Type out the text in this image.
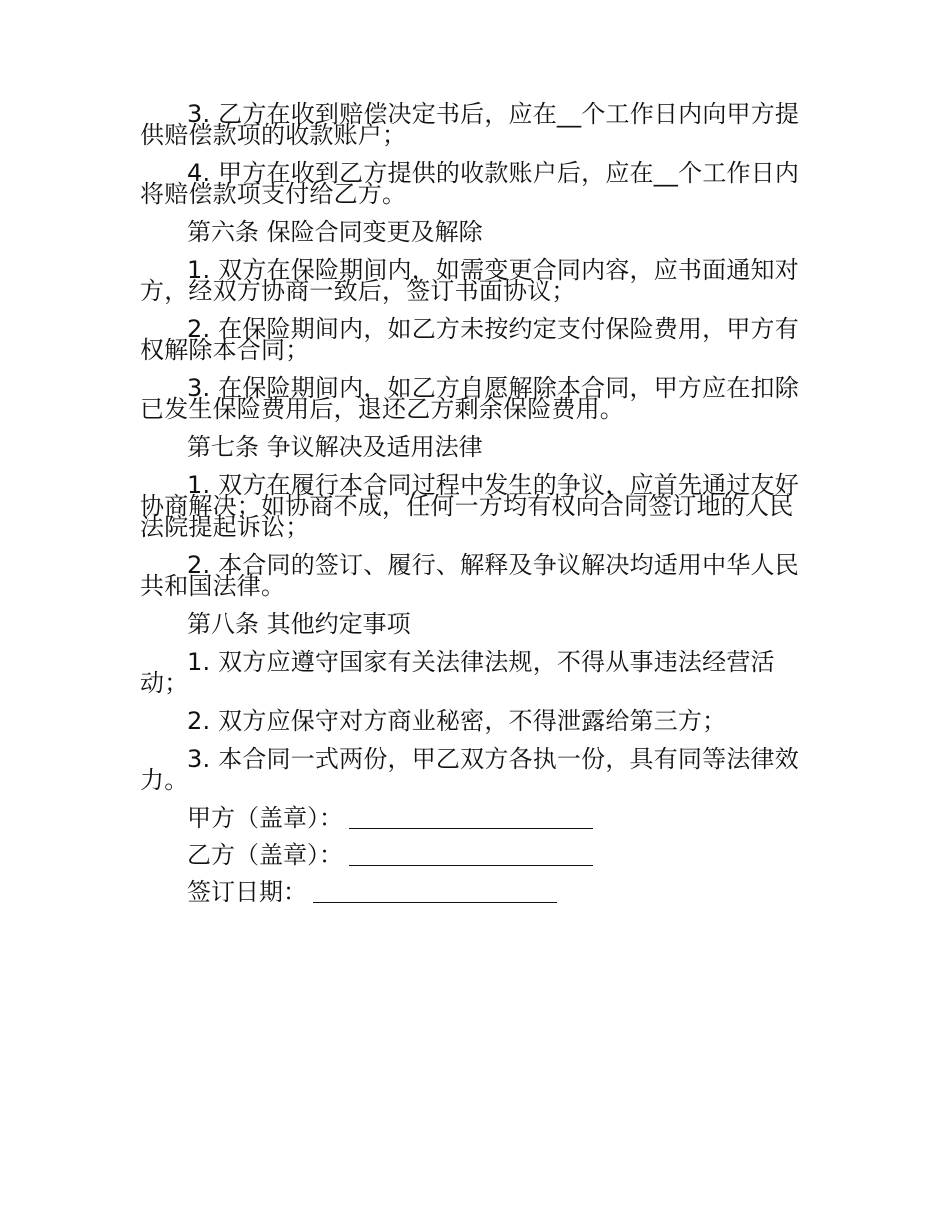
3. 乙方在收到赔偿决定书后，应在__个工作日内向甲方提供赔偿款项的收款账户；

4. 甲方在收到乙方提供的收款账户后，应在__个工作日内将赔偿款项支付给乙方。

第六条 保险合同变更及解除

1. 双方在保险期间内，如需变更合同内容，应书面通知对方，经双方协商一致后，签订书面协议；

2. 在保险期间内，如乙方未按约定支付保险费用，甲方有权解除本合同；

3. 在保险期间内，如乙方自愿解除本合同，甲方应在扣除已发生保险费用后，退还乙方剩余保险费用。

第七条 争议解决及适用法律

1. 双方在履行本合同过程中发生的争议，应首先通过友好协商解决；如协商不成，任何一方均有权向合同签订地的人民法院提起诉讼；

2. 本合同的签订、履行、解释及争议解决均适用中华人民共和国法律。

第八条 其他约定事项

1. 双方应遵守国家有关法律法规，不得从事违法经营活动；

2. 双方应保守对方商业秘密，不得泄露给第三方；

3. 本合同一式两份，甲乙双方各执一份，具有同等法律效力。

甲方（盖章）：
乙方（盖章）：
签订日期：
